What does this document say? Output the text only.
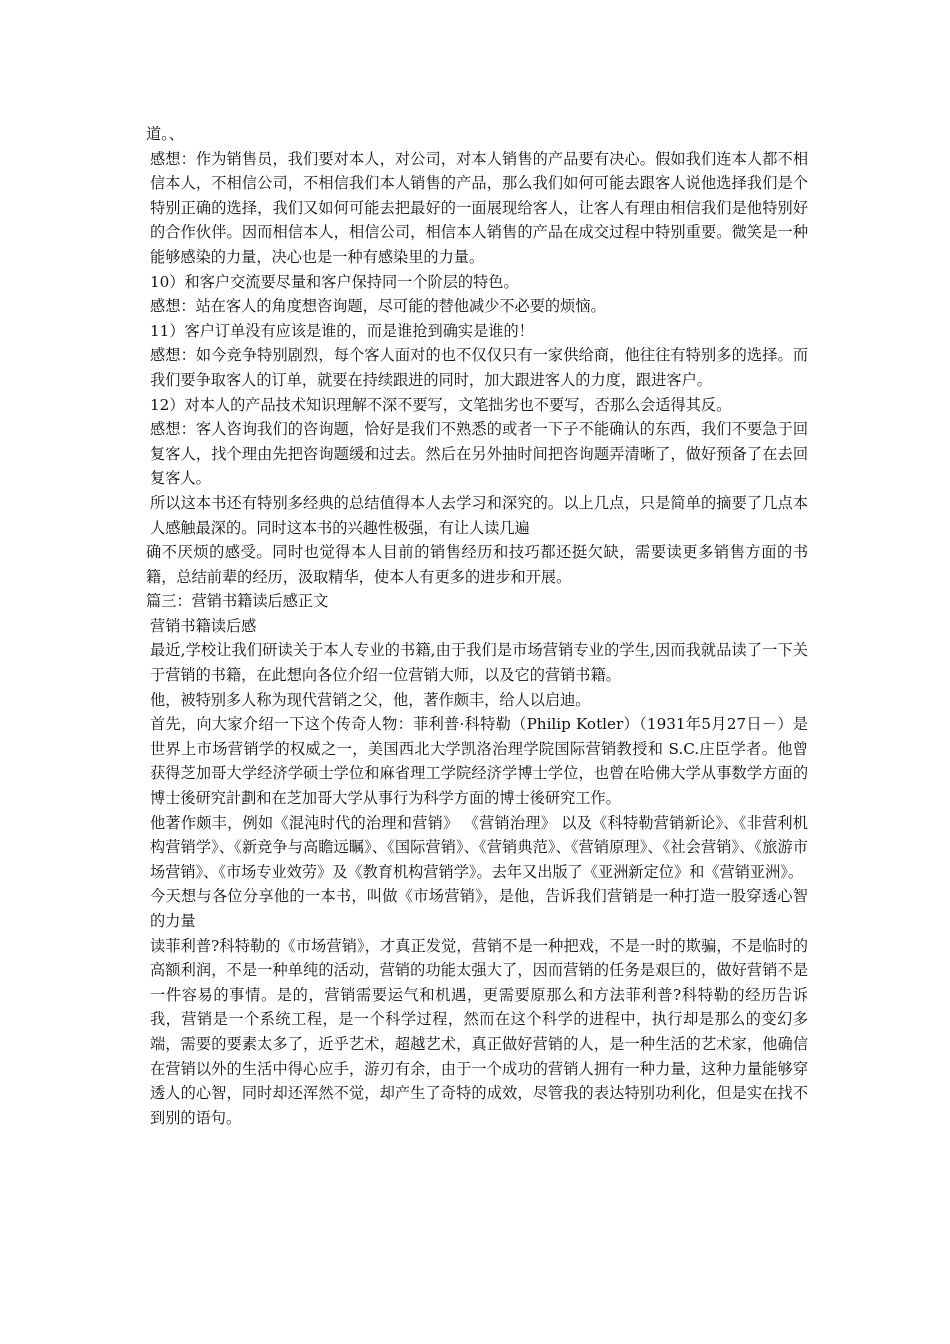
道。、

感想：作为销售员，我们要对本人，对公司，对本人销售的产品要有决心。假如我们连本人都不相信本人，不相信公司，不相信我们本人销售的产品，那么我们如何可能去跟客人说他选择我们是个特别正确的选择，我们又如何可能去把最好的一面展现给客人，让客人有理由相信我们是他特别好的合作伙伴。因而相信本人，相信公司，相信本人销售的产品在成交过程中特别重要。微笑是一种能够感染的力量，决心也是一种有感染里的力量。

10）和客户交流要尽量和客户保持同一个阶层的特色。

感想：站在客人的角度想咨询题，尽可能的替他减少不必要的烦恼。

11）客户订单没有应该是谁的，而是谁抢到确实是谁的！

感想：如今竞争特别剧烈，每个客人面对的也不仅仅只有一家供给商，他往往有特别多的选择。而我们要争取客人的订单，就要在持续跟进的同时，加大跟进客人的力度，跟进客户。

12）对本人的产品技术知识理解不深不要写，文笔拙劣也不要写，否那么会适得其反。

感想：客人咨询我们的咨询题，恰好是我们不熟悉的或者一下子不能确认的东西，我们不要急于回复客人，找个理由先把咨询题缓和过去。然后在另外抽时间把咨询题弄清晰了，做好预备了在去回复客人。

所以这本书还有特别多经典的总结值得本人去学习和深究的。以上几点，只是简单的摘要了几点本人感触最深的。同时这本书的兴趣性极强，有让人读几遍

确不厌烦的感受。同时也觉得本人目前的销售经历和技巧都还挺欠缺，需要读更多销售方面的书籍，总结前辈的经历，汲取精华，使本人有更多的进步和开展。

篇三：营销书籍读后感正文

营销书籍读后感

最近,学校让我们研读关于本人专业的书籍,由于我们是市场营销专业的学生,因而我就品读了一下关于营销的书籍，在此想向各位介绍一位营销大师，以及它的营销书籍。

他，被特别多人称为现代营销之父，他，著作颇丰，给人以启迪。

首先，向大家介绍一下这个传奇人物：菲利普·科特勒（Philip Kotler）（1931年5月27日－）是世界上市场营销学的权威之一，美国西北大学凯洛治理学院国际营销教授和 S.C.庄臣学者。他曾获得芝加哥大学经济学硕士学位和麻省理工学院经济学博士学位，也曾在哈佛大学从事数学方面的博士後研究計劃和在芝加哥大学从事行为科学方面的博士後研究工作。

他著作颇丰，例如《混沌时代的治理和营销》 《营销治理》 以及《科特勒营销新论》、《非营利机构营销学》、《新竞争与高瞻远瞩》、《国际营销》、《营销典范》、《营销原理》、《社会营销》、《旅游市场营销》、《市场专业效劳》及《教育机构营销学》。去年又出版了《亚洲新定位》和《营销亚洲》。

今天想与各位分享他的一本书，叫做《市场营销》，是他，告诉我们营销是一种打造一股穿透心智的力量

读菲利普?科特勒的《市场营销》，才真正发觉，营销不是一种把戏，不是一时的欺骗，不是临时的高额利润，不是一种单纯的活动，营销的功能太强大了，因而营销的任务是艰巨的，做好营销不是一件容易的事情。是的，营销需要运气和机遇，更需要原那么和方法菲利普?科特勒的经历告诉我，营销是一个系统工程，是一个科学过程，然而在这个科学的进程中，执行却是那么的变幻多端，需要的要素太多了，近乎艺术，超越艺术，真正做好营销的人，是一种生活的艺术家，他确信在营销以外的生活中得心应手，游刃有余，由于一个成功的营销人拥有一种力量，这种力量能够穿透人的心智，同时却还浑然不觉，却产生了奇特的成效，尽管我的表达特别功利化，但是实在找不到别的语句。
